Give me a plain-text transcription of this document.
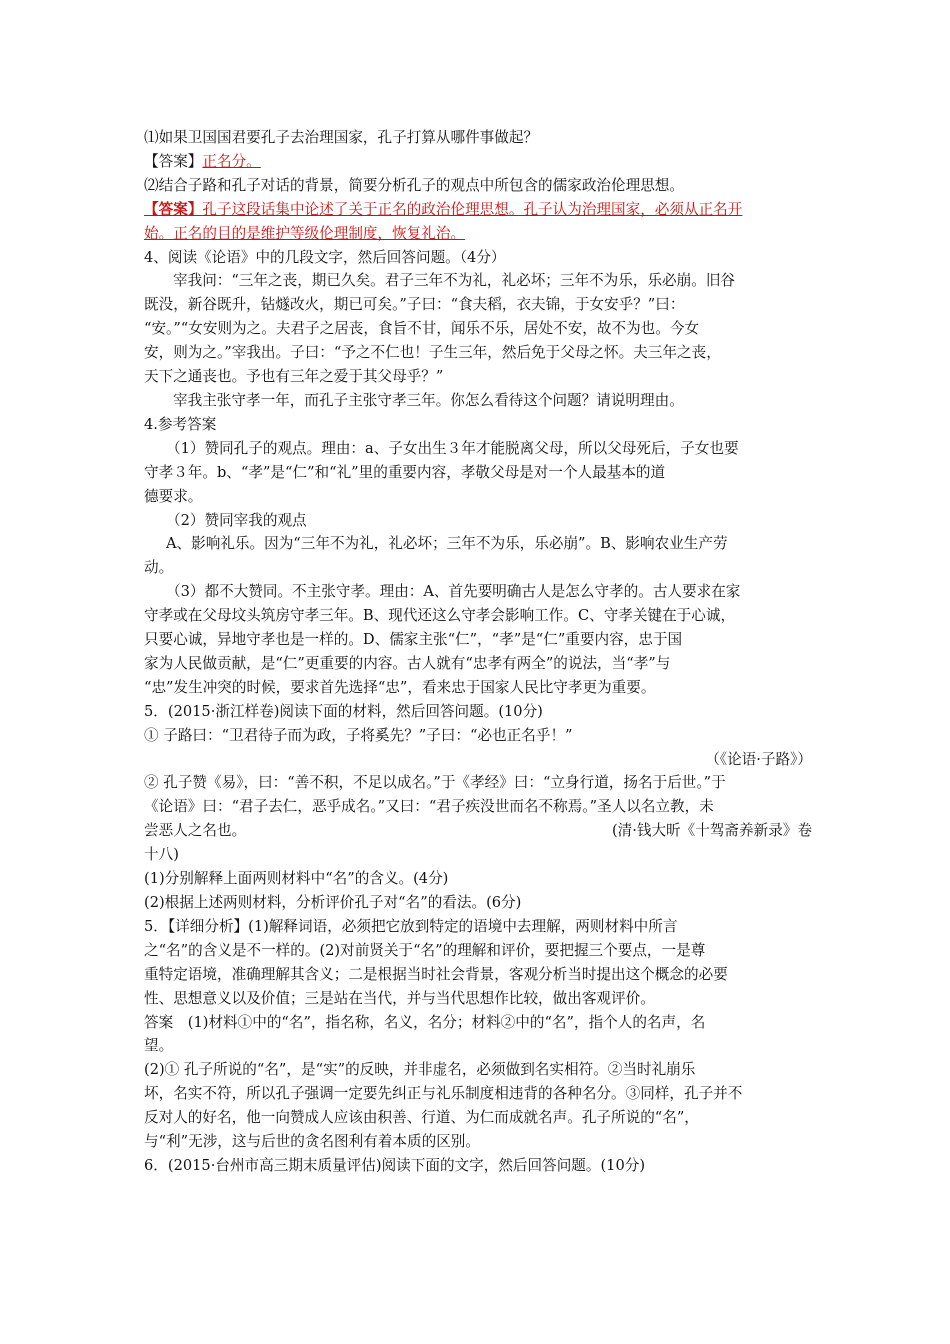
⑴如果卫国国君要孔子去治理国家，孔子打算从哪件事做起？
【答案】正名分。
⑵结合子路和孔子对话的背景，简要分析孔子的观点中所包含的儒家政治伦理思想。
【答案】孔子这段话集中论述了关于正名的政治伦理思想。孔子认为治理国家，必须从正名开
始。正名的目的是维护等级伦理制度，恢复礼治。
4、阅读《论语》中的几段文字，然后回答问题。（4分）
宰我问：“三年之丧，期已久矣。君子三年不为礼，礼必坏；三年不为乐，乐必崩。旧谷
既没，新谷既升，钻燧改火，期已可矣。”子曰：“食夫稻，衣夫锦，于女安乎？”曰：
“安。”“女安则为之。夫君子之居丧，食旨不甘，闻乐不乐，居处不安，故不为也。今女
安，则为之。”宰我出。子曰：“予之不仁也！子生三年，然后免于父母之怀。夫三年之丧，
天下之通丧也。予也有三年之爱于其父母乎？”
宰我主张守孝一年，而孔子主张守孝三年。你怎么看待这个问题？请说明理由。
4.参考答案
（1）赞同孔子的观点。理由：a、子女出生３年才能脱离父母，所以父母死后，子女也要
守孝３年。b、“孝”是“仁”和“礼”里的重要内容，孝敬父母是对一个人最基本的道
德要求。
（2）赞同宰我的观点
A、影响礼乐。因为“三年不为礼，礼必坏；三年不为乐，乐必崩”。B、影响农业生产劳
动。
（3）都不大赞同。不主张守孝。理由：A、首先要明确古人是怎么守孝的。古人要求在家
守孝或在父母坟头筑房守孝三年。B、现代还这么守孝会影响工作。C、守孝关键在于心诚，
只要心诚，异地守孝也是一样的。D、儒家主张“仁”，“孝”是“仁”重要内容，忠于国
家为人民做贡献，是“仁”更重要的内容。古人就有“忠孝有两全”的说法，当“孝”与
“忠”发生冲突的时候，要求首先选择“忠”，看来忠于国家人民比守孝更为重要。
5．(2015·浙江样卷)阅读下面的材料，然后回答问题。(10分)
① 子路曰：“卫君待子而为政，子将奚先？”子曰：“必也正名乎！”
（《论语·子路》）
② 孔子赞《易》，曰：“善不积，不足以成名。”于《孝经》曰：“立身行道，扬名于后世。”于
《论语》曰：“君子去仁，恶乎成名。”又曰：“君子疾没世而名不称焉。”圣人以名立教，未
尝恶人之名也。	(清·钱大昕《十驾斋养新录》卷
十八)
(1)分别解释上面两则材料中“名”的含义。(4分)
(2)根据上述两则材料，分析评价孔子对“名”的看法。(6分)
5．【详细分析】(1)解释词语，必须把它放到特定的语境中去理解，两则材料中所言
之“名”的含义是不一样的。(2)对前贤关于“名”的理解和评价，要把握三个要点，一是尊
重特定语境，准确理解其含义；二是根据当时社会背景，客观分析当时提出这个概念的必要
性、思想意义以及价值；三是站在当代，并与当代思想作比较，做出客观评价。
答案　(1)材料①中的“名”，指名称，名义，名分；材料②中的“名”，指个人的名声，名
望。
(2)① 孔子所说的“名”，是“实”的反映，并非虚名，必须做到名实相符。②当时礼崩乐
坏，名实不符，所以孔子强调一定要先纠正与礼乐制度相违背的各种名分。③同样，孔子并不
反对人的好名，他一向赞成人应该由积善、行道、为仁而成就名声。孔子所说的“名”，
与“利”无涉，这与后世的贪名图利有着本质的区别。
6．(2015·台州市高三期末质量评估)阅读下面的文字，然后回答问题。(10分)
